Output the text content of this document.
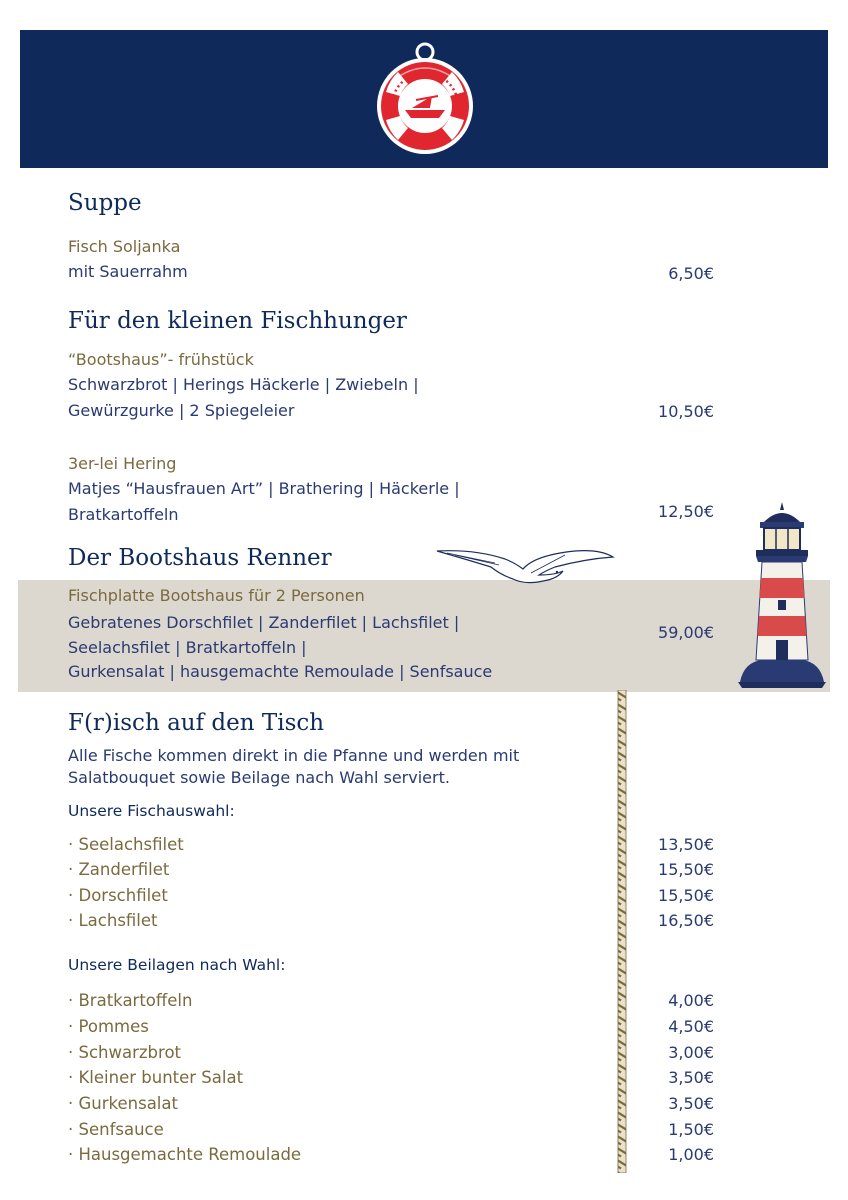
Suppe
Fisch Soljanka
mit Sauerrahm	6,50€
Für den kleinen Fischhunger
“Bootshaus”- frühstück
Schwarzbrot | Herings Häckerle | Zwiebeln |
Gewürzgurke | 2 Spiegeleier	10,50€
3er-lei Hering
Matjes “Hausfrauen Art” | Brathering | Häckerle |
Bratkartoffeln	12,50€
Der Bootshaus Renner
Fischplatte Bootshaus für 2 Personen
Gebratenes Dorschfilet | Zanderfilet | Lachsfilet |
Seelachsfilet | Bratkartoffeln |
Gurkensalat | hausgemachte Remoulade | Senfsauce
59,00€
F(r)isch auf den Tisch
Alle Fische kommen direkt in die Pfanne und werden mit
Salatbouquet sowie Beilage nach Wahl serviert.
Unsere Fischauswahl:
· Seelachsfilet	13,50€
· Zanderfilet	15,50€
· Dorschfilet	15,50€
· Lachsfilet	16,50€
Unsere Beilagen nach Wahl:
· Bratkartoffeln	4,00€
· Pommes	4,50€
· Schwarzbrot	3,00€
· Kleiner bunter Salat	3,50€
· Gurkensalat	3,50€
· Senfsauce	1,50€
· Hausgemachte Remoulade	1,00€
